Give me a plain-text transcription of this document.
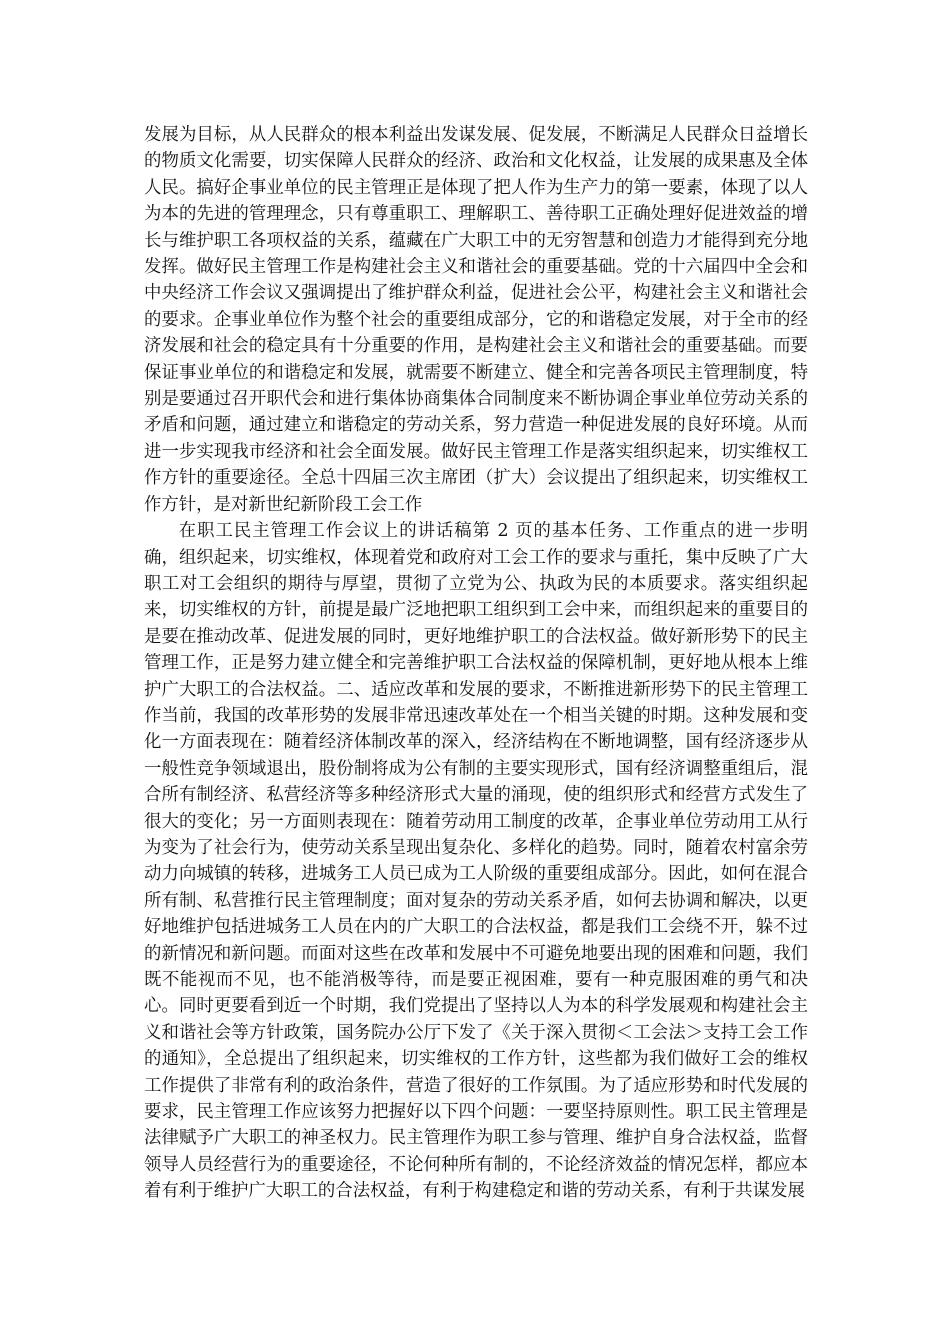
发展为目标，从人民群众的根本利益出发谋发展、促发展，不断满足人民群众日益增长的物质文化需要，切实保障人民群众的经济、政治和文化权益，让发展的成果惠及全体人民。搞好企事业单位的民主管理正是体现了把人作为生产力的第一要素，体现了以人为本的先进的管理理念，只有尊重职工、理解职工、善待职工正确处理好促进效益的增长与维护职工各项权益的关系，蕴藏在广大职工中的无穷智慧和创造力才能得到充分地发挥。做好民主管理工作是构建社会主义和谐社会的重要基础。党的十六届四中全会和中央经济工作会议又强调提出了维护群众利益，促进社会公平，构建社会主义和谐社会的要求。企事业单位作为整个社会的重要组成部分，它的和谐稳定发展，对于全市的经济发展和社会的稳定具有十分重要的作用，是构建社会主义和谐社会的重要基础。而要保证事业单位的和谐稳定和发展，就需要不断建立、健全和完善各项民主管理制度，特别是要通过召开职代会和进行集体协商集体合同制度来不断协调企事业单位劳动关系的矛盾和问题，通过建立和谐稳定的劳动关系，努力营造一种促进发展的良好环境。从而进一步实现我市经济和社会全面发展。做好民主管理工作是落实组织起来，切实维权工作方针的重要途径。全总十四届三次主席团（扩大）会议提出了组织起来，切实维权工作方针，是对新世纪新阶段工会工作

在职工民主管理工作会议上的讲话稿第 2 页的基本任务、工作重点的进一步明确，组织起来，切实维权，体现着党和政府对工会工作的要求与重托，集中反映了广大职工对工会组织的期待与厚望，贯彻了立党为公、执政为民的本质要求。落实组织起来，切实维权的方针，前提是最广泛地把职工组织到工会中来，而组织起来的重要目的是要在推动改革、促进发展的同时，更好地维护职工的合法权益。做好新形势下的民主管理工作，正是努力建立健全和完善维护职工合法权益的保障机制，更好地从根本上维护广大职工的合法权益。二、适应改革和发展的要求，不断推进新形势下的民主管理工作当前，我国的改革形势的发展非常迅速改革处在一个相当关键的时期。这种发展和变化一方面表现在：随着经济体制改革的深入，经济结构在不断地调整，国有经济逐步从一般性竞争领域退出，股份制将成为公有制的主要实现形式，国有经济调整重组后，混合所有制经济、私营经济等多种经济形式大量的涌现，使的组织形式和经营方式发生了很大的变化；另一方面则表现在：随着劳动用工制度的改革，企事业单位劳动用工从行为变为了社会行为，使劳动关系呈现出复杂化、多样化的趋势。同时，随着农村富余劳动力向城镇的转移，进城务工人员已成为工人阶级的重要组成部分。因此，如何在混合所有制、私营推行民主管理制度；面对复杂的劳动关系矛盾，如何去协调和解决，以更好地维护包括进城务工人员在内的广大职工的合法权益，都是我们工会绕不开，躲不过的新情况和新问题。而面对这些在改革和发展中不可避免地要出现的困难和问题，我们既不能视而不见，也不能消极等待，而是要正视困难，要有一种克服困难的勇气和决心。同时更要看到近一个时期，我们党提出了坚持以人为本的科学发展观和构建社会主义和谐社会等方针政策，国务院办公厅下发了《关于深入贯彻＜工会法＞支持工会工作的通知》，全总提出了组织起来，切实维权的工作方针，这些都为我们做好工会的维权工作提供了非常有利的政治条件，营造了很好的工作氛围。为了适应形势和时代发展的要求，民主管理工作应该努力把握好以下四个问题：一要坚持原则性。职工民主管理是法律赋予广大职工的神圣权力。民主管理作为职工参与管理、维护自身合法权益，监督领导人员经营行为的重要途径，不论何种所有制的，不论经济效益的情况怎样，都应本着有利于维护广大职工的合法权益，有利于构建稳定和谐的劳动关系，有利于共谋发展
